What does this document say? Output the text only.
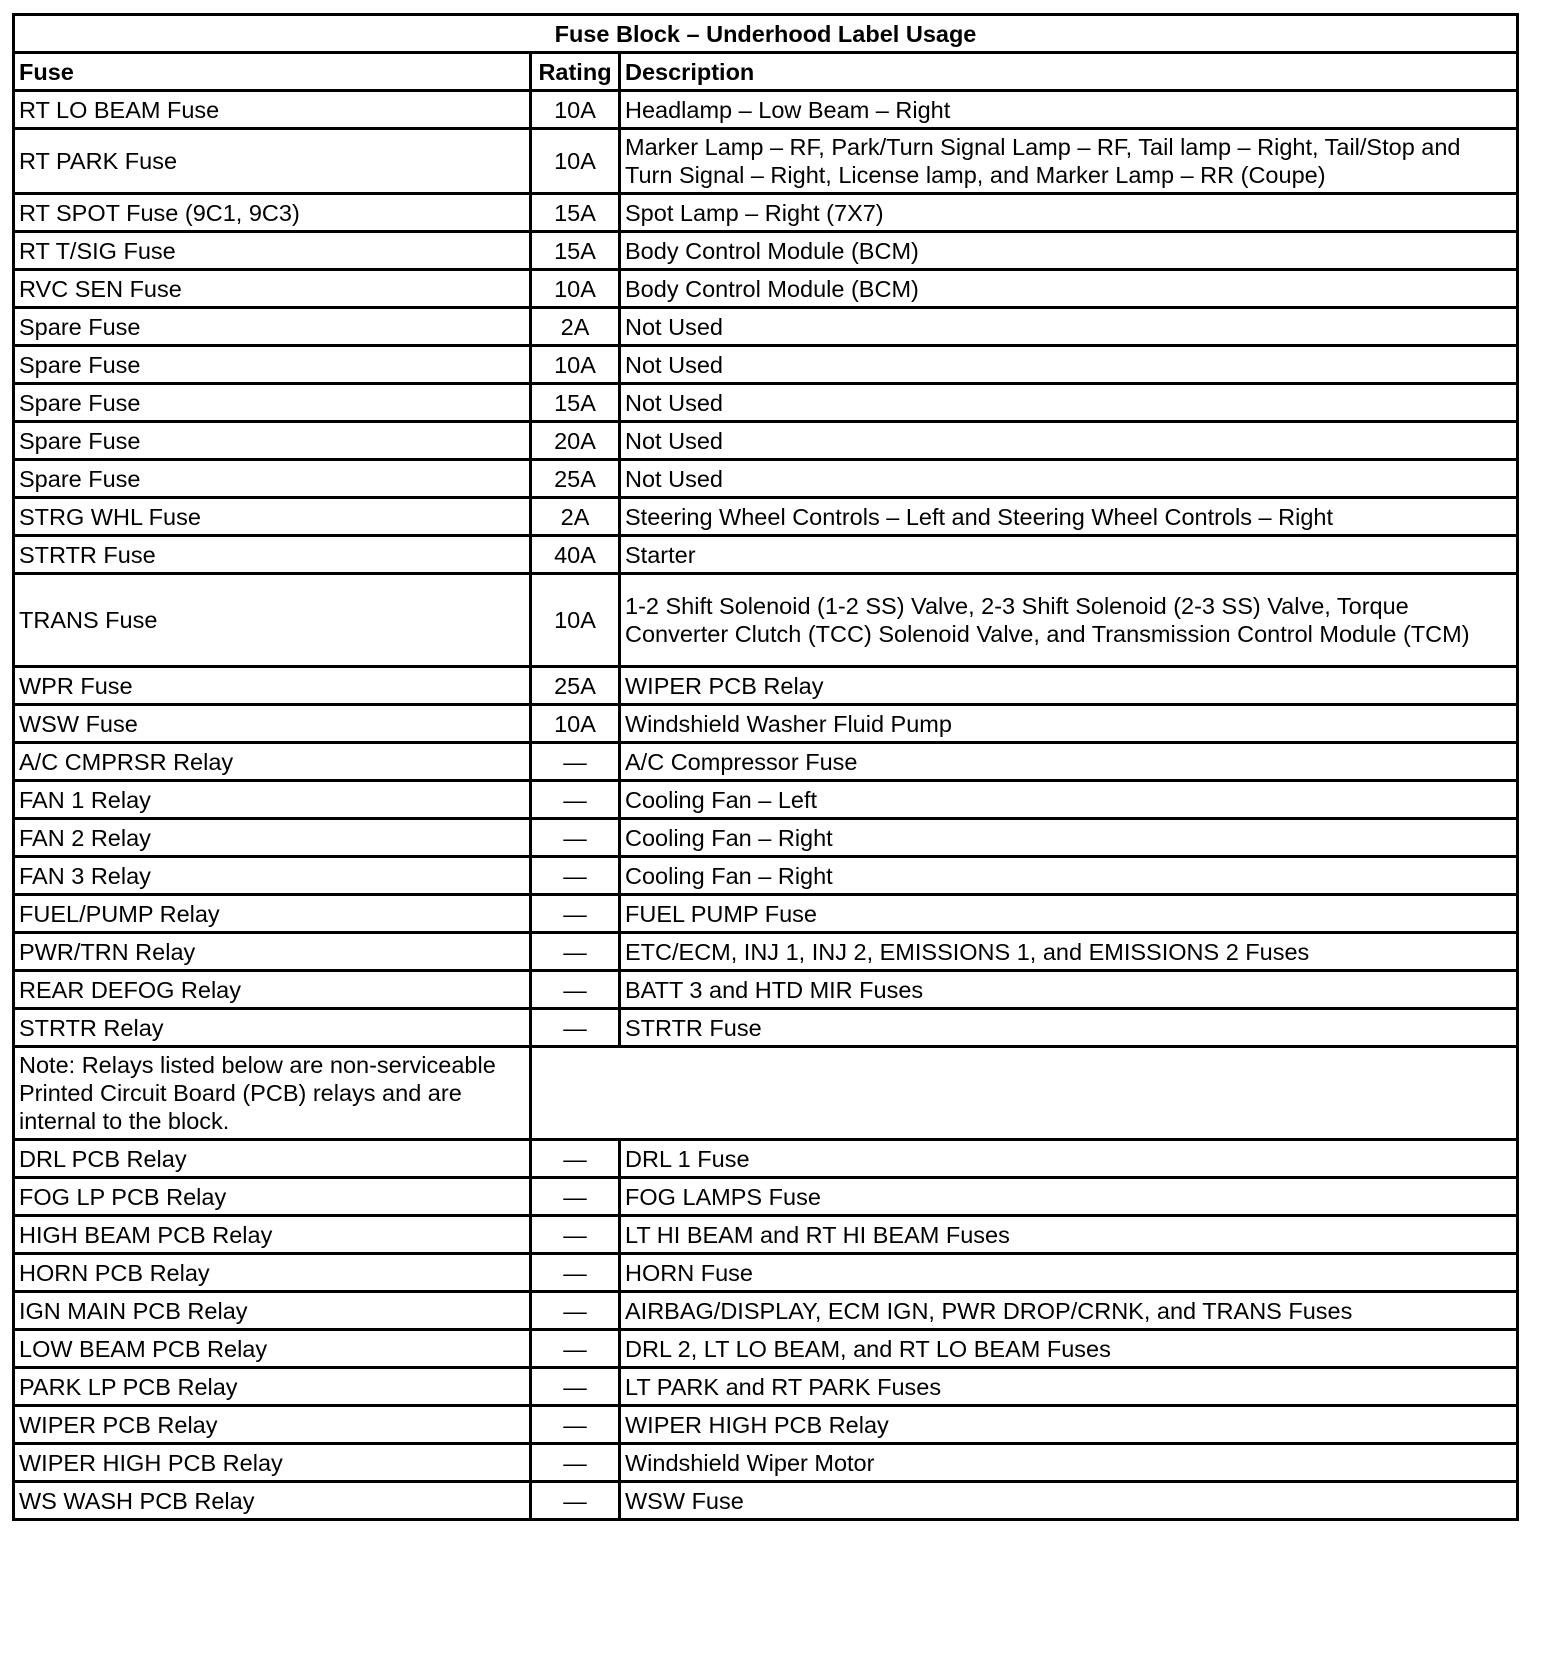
Fuse Block – Underhood Label Usage		
Fuse	Rating	Description
RT LO BEAM Fuse	10A	Headlamp – Low Beam – Right
RT PARK Fuse	10A	Marker Lamp – RF, Park/Turn Signal Lamp – RF, Tail lamp – Right, Tail/Stop and Turn Signal – Right, License lamp, and Marker Lamp – RR (Coupe)
RT SPOT Fuse (9C1, 9C3)	15A	Spot Lamp – Right (7X7)
RT T/SIG Fuse	15A	Body Control Module (BCM)
RVC SEN Fuse	10A	Body Control Module (BCM)
Spare Fuse	2A	Not Used
Spare Fuse	10A	Not Used
Spare Fuse	15A	Not Used
Spare Fuse	20A	Not Used
Spare Fuse	25A	Not Used
STRG WHL Fuse	2A	Steering Wheel Controls – Left and Steering Wheel Controls – Right
STRTR Fuse	40A	Starter
TRANS Fuse	10A	1-2 Shift Solenoid (1-2 SS) Valve, 2-3 Shift Solenoid (2-3 SS) Valve, Torque Converter Clutch (TCC) Solenoid Valve, and Transmission Control Module (TCM)
WPR Fuse	25A	WIPER PCB Relay
WSW Fuse	10A	Windshield Washer Fluid Pump
A/C CMPRSR Relay	—	A/C Compressor Fuse
FAN 1 Relay	—	Cooling Fan – Left
FAN 2 Relay	—	Cooling Fan – Right
FAN 3 Relay	—	Cooling Fan – Right
FUEL/PUMP Relay	—	FUEL PUMP Fuse
PWR/TRN Relay	—	ETC/ECM, INJ 1, INJ 2, EMISSIONS 1, and EMISSIONS 2 Fuses
REAR DEFOG Relay	—	BATT 3 and HTD MIR Fuses
STRTR Relay	—	STRTR Fuse
Note: Relays listed below are non-serviceable Printed Circuit Board (PCB) relays and are internal to the block.		
DRL PCB Relay	—	DRL 1 Fuse
FOG LP PCB Relay	—	FOG LAMPS Fuse
HIGH BEAM PCB Relay	—	LT HI BEAM and RT HI BEAM Fuses
HORN PCB Relay	—	HORN Fuse
IGN MAIN PCB Relay	—	AIRBAG/DISPLAY, ECM IGN, PWR DROP/CRNK, and TRANS Fuses
LOW BEAM PCB Relay	—	DRL 2, LT LO BEAM, and RT LO BEAM Fuses
PARK LP PCB Relay	—	LT PARK and RT PARK Fuses
WIPER PCB Relay	—	WIPER HIGH PCB Relay
WIPER HIGH PCB Relay	—	Windshield Wiper Motor
WS WASH PCB Relay	—	WSW Fuse
